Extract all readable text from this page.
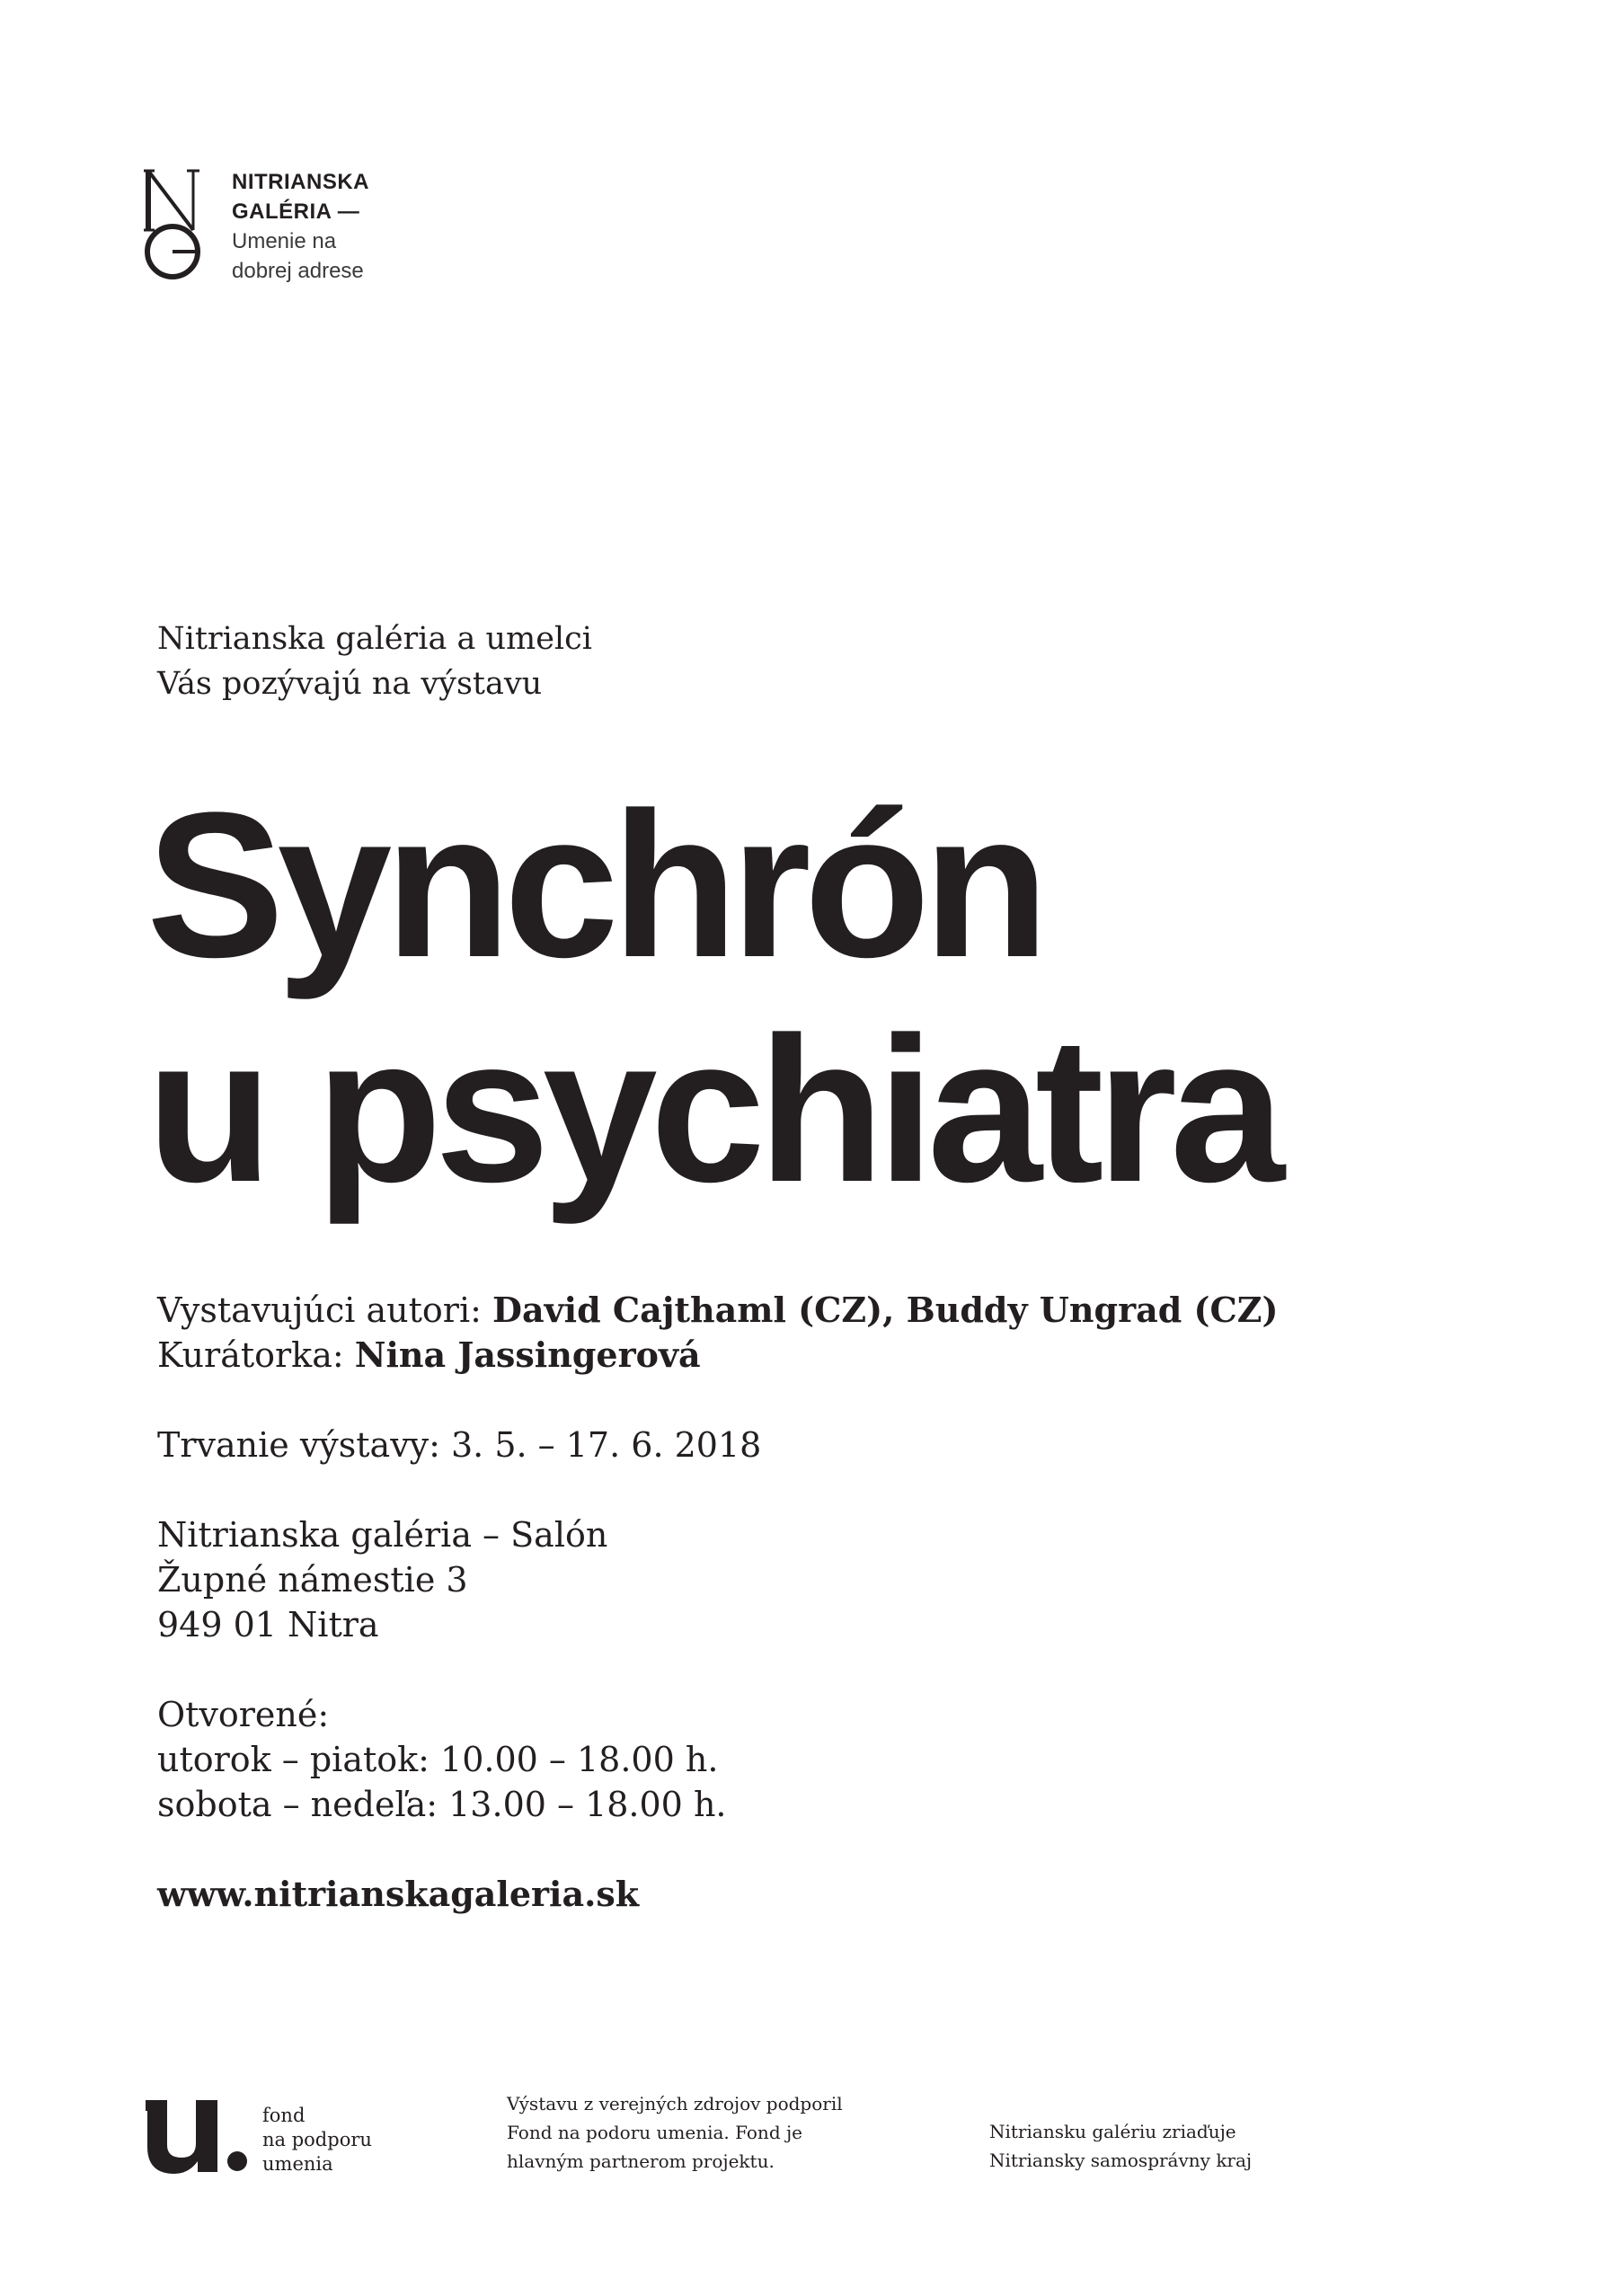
NITRIANSKA
GALÉRIA —
Umenie na
dobrej adrese
Nitrianska galéria a umelci
Vás pozývajú na výstavu
Synchrón
u psychiatra
Vystavujúci autori: David Cajthaml (CZ), Buddy Ungrad (CZ)
Kurátorka: Nina Jassingerová
Trvanie výstavy: 3. 5. – 17. 6. 2018
Nitrianska galéria – Salón
Župné námestie 3
949 01 Nitra
Otvorené:
utorok – piatok: 10.00 – 18.00 h.
sobota – nedeľa: 13.00 – 18.00 h.
www.nitrianskagaleria.sk
fond
na podporu
umenia
Výstavu z verejných zdrojov podporil
Fond na podoru umenia. Fond je
hlavným partnerom projektu.
Nitriansku galériu zriaďuje
Nitriansky samosprávny kraj
